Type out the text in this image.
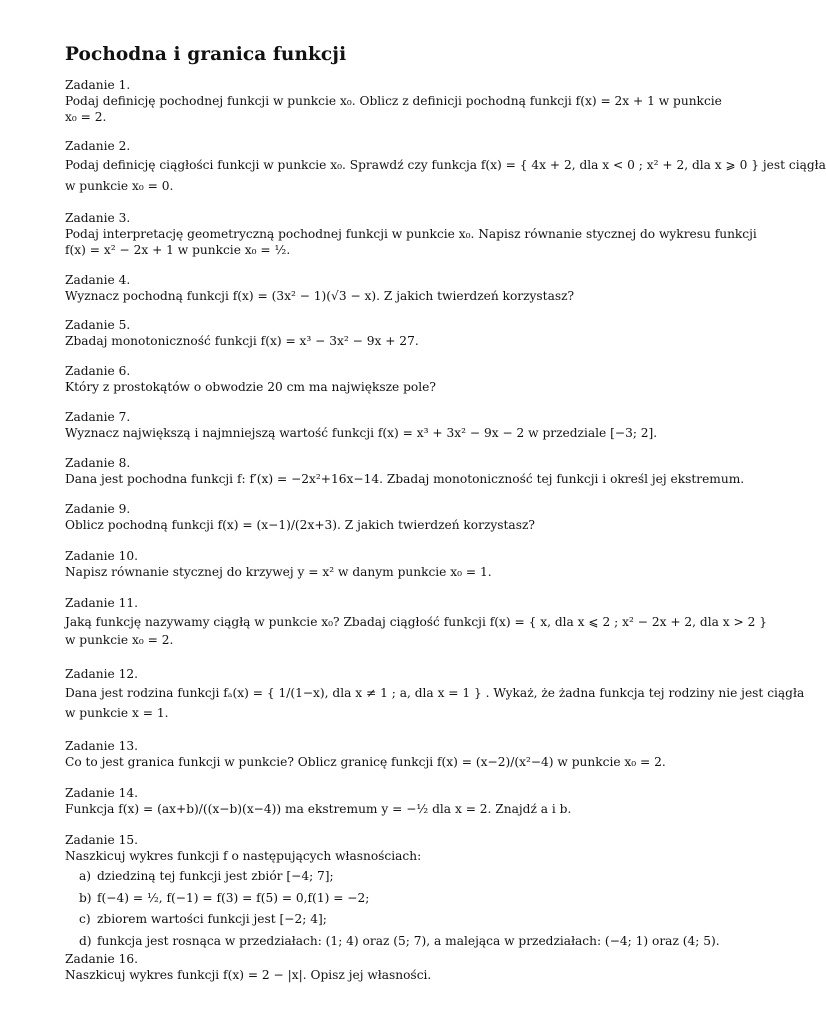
Pochodna i granica funkcji
Zadanie 1.
Podaj definicję pochodnej funkcji w punkcie x₀. Oblicz z definicji pochodną funkcji f(x) = 2x + 1 w punkcie
x₀ = 2.
Zadanie 2.
Podaj definicję ciągłości funkcji w punkcie x₀. Sprawdź czy funkcja f(x) = { 4x + 2, dla x < 0 ; x² + 2, dla x ⩾ 0 } jest ciągła
w punkcie x₀ = 0.
Zadanie 3.
Podaj interpretację geometryczną pochodnej funkcji w punkcie x₀. Napisz równanie stycznej do wykresu funkcji
f(x) = x² − 2x + 1 w punkcie x₀ = ½.
Zadanie 4.
Wyznacz pochodną funkcji f(x) = (3x² − 1)(√3 − x). Z jakich twierdzeń korzystasz?
Zadanie 5.
Zbadaj monotoniczność funkcji f(x) = x³ − 3x² − 9x + 27.
Zadanie 6.
Który z prostokątów o obwodzie 20 cm ma największe pole?
Zadanie 7.
Wyznacz największą i najmniejszą wartość funkcji f(x) = x³ + 3x² − 9x − 2 w przedziale [−3; 2].
Zadanie 8.
Dana jest pochodna funkcji f: f′(x) = −2x²+16x−14. Zbadaj monotoniczność tej funkcji i określ jej ekstremum.
Zadanie 9.
Oblicz pochodną funkcji f(x) = (x−1)/(2x+3). Z jakich twierdzeń korzystasz?
Zadanie 10.
Napisz równanie stycznej do krzywej y = x² w danym punkcie x₀ = 1.
Zadanie 11.
Jaką funkcję nazywamy ciągłą w punkcie x₀? Zbadaj ciągłość funkcji f(x) = { x, dla x ⩽ 2 ; x² − 2x + 2, dla x > 2 }
w punkcie x₀ = 2.
Zadanie 12.
Dana jest rodzina funkcji fₐ(x) = { 1/(1−x), dla x ≠ 1 ; a, dla x = 1 } . Wykaż, że żadna funkcja tej rodziny nie jest ciągła
w punkcie x = 1.
Zadanie 13.
Co to jest granica funkcji w punkcie? Oblicz granicę funkcji f(x) = (x−2)/(x²−4) w punkcie x₀ = 2.
Zadanie 14.
Funkcja f(x) = (ax+b)/((x−b)(x−4)) ma ekstremum y = −½ dla x = 2. Znajdź a i b.
Zadanie 15.
Naszkicuj wykres funkcji f o następujących własnościach:
a) dziedziną tej funkcji jest zbiór [−4; 7];
b) f(−4) = ½, f(−1) = f(3) = f(5) = 0,f(1) = −2;
c) zbiorem wartości funkcji jest [−2; 4];
d) funkcja jest rosnąca w przedziałach: (1; 4) oraz (5; 7), a malejąca w przedziałach: (−4; 1) oraz (4; 5).
Zadanie 16.
Naszkicuj wykres funkcji f(x) = 2 − |x|. Opisz jej własności.
